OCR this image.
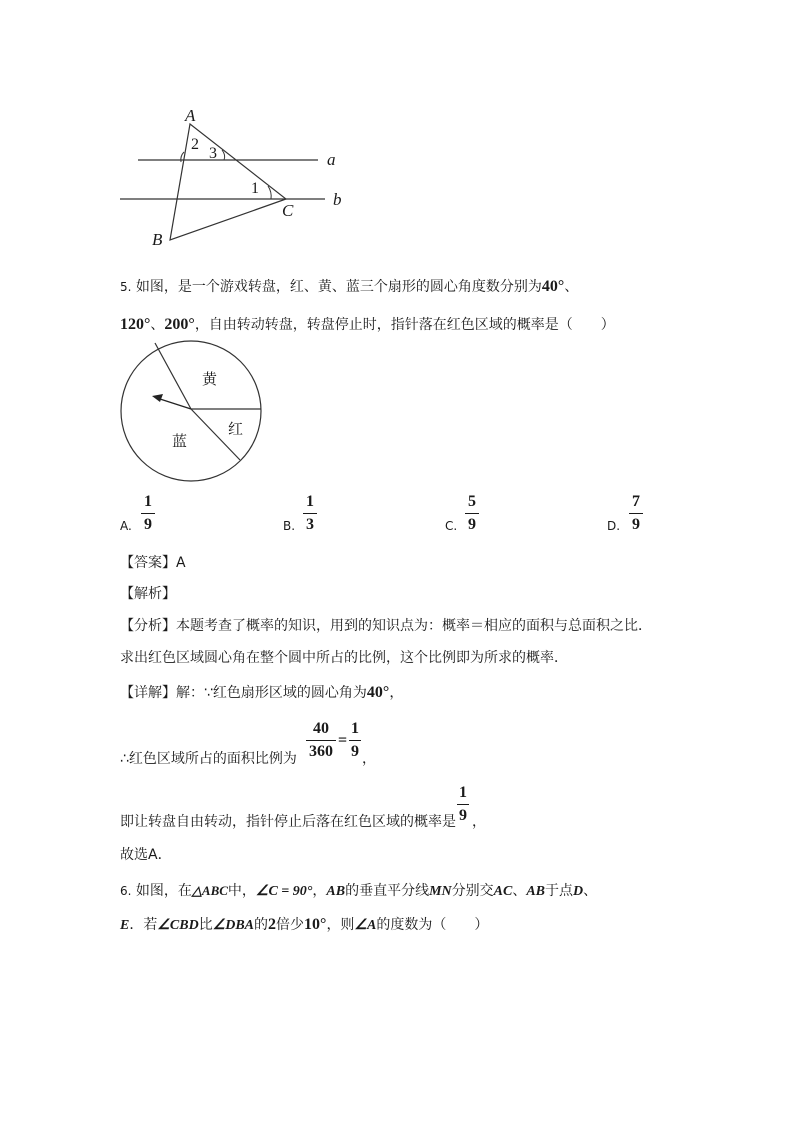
A
2
3	a
1
b
C
B
5. 如图，是一个游戏转盘，红、黄、蓝三个扇形的圆心角度数分别为40°、
120°、200°，自由转动转盘，转盘停止时，指针落在红色区域的概率是（　　）
黄
红
蓝
A.
1
9	B.
1
3	C.
5
9	D.
7
9
【答案】A
【解析】
【分析】本题考查了概率的知识，用到的知识点为：概率＝相应的面积与总面积之比．
求出红色区域圆心角在整个圆中所占的比例，这个比例即为所求的概率．
【详解】解：∵红色扇形区域的圆心角为40°，
∴红色区域所占的面积比例为
40
360
=
1
9 ，
即让转盘自由转动，指针停止后落在红色区域的概率是
1
9 ，
故选A．
6. 如图，在△ABC中，∠C = 90°，AB的垂直平分线MN分别交AC、AB于点D、
E．若∠CBD比∠DBA的2倍少10°，则∠A的度数为（　　）
